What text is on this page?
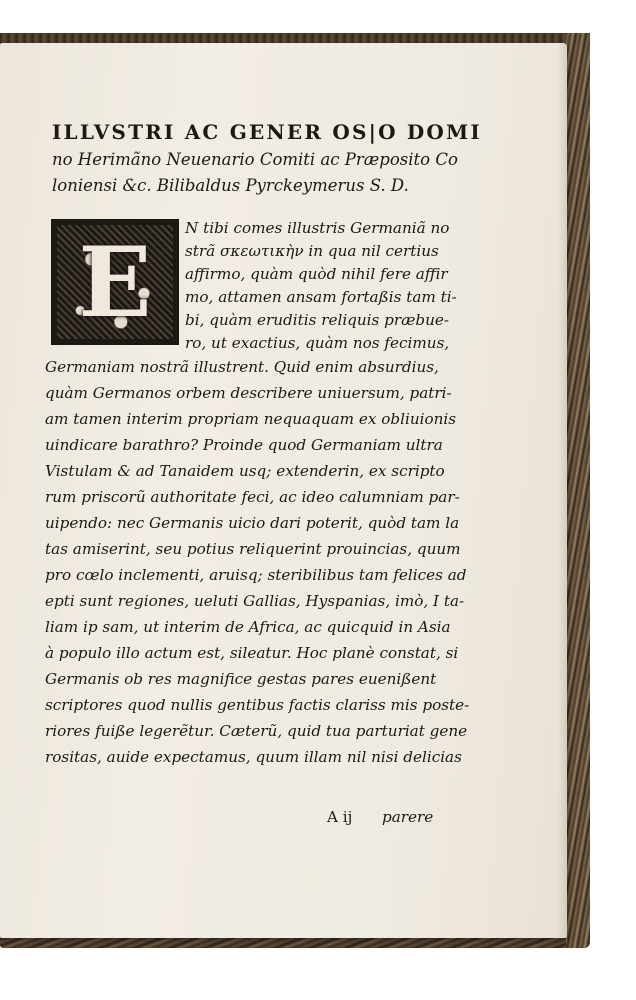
ILLVSTRI AC GENER OS|O DOMI
no Herimãno Neuenario Comiti ac Præposito Co
loniensi &c. Bilibaldus Pyrckeymerus S. D.
E	N tibi comes illustris Germaniã no
strã σκεωτικὴν in qua nil certius
affirmo, quàm quòd nihil fere affir
mo, attamen ansam fortaßis tam ti-
bi, quàm eruditis reliquis præbue-
ro, ut exactius, quàm nos fecimus,
Germaniam nostrã illustrent. Quid enim absurdius,
quàm Germanos orbem describere uniuersum, patri-
am tamen interim propriam nequaquam ex obliuionis
uindicare barathro? Proinde quod Germaniam ultra
Vistulam & ad Tanaidem usq; extenderin, ex scripto
rum priscorũ authoritate feci, ac ideo calumniam par-
uipendo: nec Germanis uicio dari poterit, quòd tam la
tas amiserint, seu potius reliquerint prouincias, quum
pro cœlo inclementi, aruisq; steribilibus tam felices ad
epti sunt regiones, ueluti Gallias, Hyspanias, imò, I ta-
liam ip sam, ut interim de Africa, ac quicquid in Asia
à populo illo actum est, sileatur. Hoc planè constat, si
Germanis ob res magnifice gestas pares euenißent
scriptores quod nullis gentibus factis clariss mis poste-
riores fuiße legerẽtur. Cæterũ, quid tua parturiat gene
rositas, auide expectamus, quum illam nil nisi delicias
A ij parere
